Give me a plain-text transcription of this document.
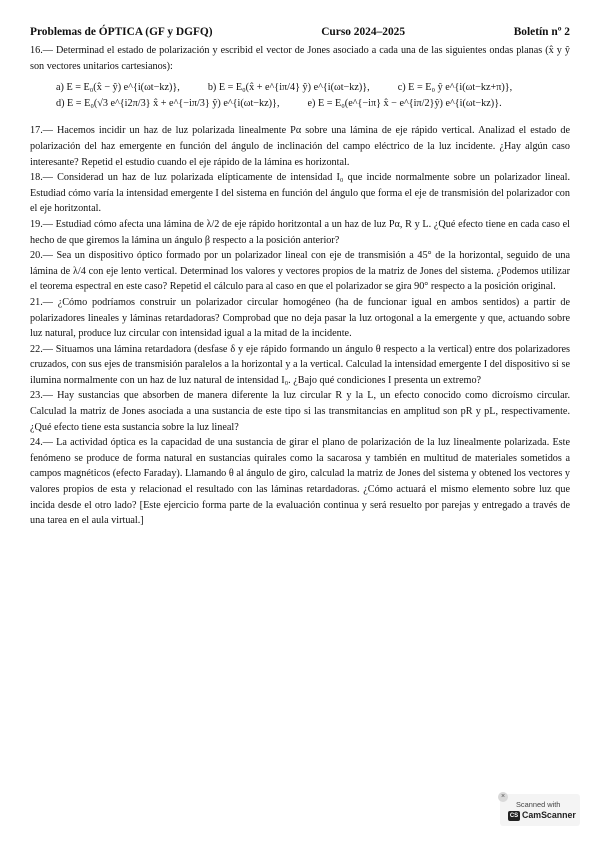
Problemas de ÓPTICA (GF y DGFQ)	Curso 2024–2025	Boletín nº 2

16.— Determinad el estado de polarización y escribid el vector de Jones asociado a cada una de las siguientes ondas planas (x̂ y ŷ son vectores unitarios cartesianos):

a) E = E₀(x̂ − ŷ) e^{i(ωt−kz)},	b) E = E₀(x̂ + e^{iπ/4} ŷ) e^{i(ωt−kz)},	c) E = E₀ ŷ e^{i(ωt−kz+π)},
d) E = E₀(√3 e^{i2π/3} x̂ + e^{−iπ/3} ŷ) e^{i(ωt−kz)},	e) E = E₀(e^{−iπ} x̂ − e^{iπ/2}ŷ) e^{i(ωt−kz)}.

17.— Hacemos incidir un haz de luz polarizada linealmente Pα sobre una lámina de eje rápido vertical. Analizad el estado de polarización del haz emergente en función del ángulo de inclinación del campo eléctrico de la luz incidente. ¿Hay algún caso interesante? Repetid el estudio cuando el eje rápido de la lámina es horizontal.

18.— Considerad un haz de luz polarizada elípticamente de intensidad I₀ que incide normalmente sobre un polarizador lineal. Estudiad cómo varía la intensidad emergente I del sistema en función del ángulo que forma el eje de transmisión del polarizador con el eje horitzontal.

19.— Estudiad cómo afecta una lámina de λ/2 de eje rápido horitzontal a un haz de luz Pα, R y L. ¿Qué efecto tiene en cada caso el hecho de que giremos la lámina un ángulo β respecto a la posición anterior?

20.— Sea un dispositivo óptico formado por un polarizador lineal con eje de transmisión a 45° de la horizontal, seguido de una lámina de λ/4 con eje lento vertical. Determinad los valores y vectores propios de la matriz de Jones del sistema. ¿Podemos utilizar el teorema espectral en este caso? Repetid el cálculo para al caso en que el polarizador se gira 90° respecto a la posición original.

21.— ¿Cómo podríamos construir un polarizador circular homogéneo (ha de funcionar igual en ambos sentidos) a partir de polarizadores lineales y láminas retardadoras? Comprobad que no deja pasar la luz ortogonal a la emergente y que, actuando sobre luz natural, produce luz circular con intensidad igual a la mitad de la incidente.

22.— Situamos una lámina retardadora (desfase δ y eje rápido formando un ángulo θ respecto a la vertical) entre dos polarizadores cruzados, con sus ejes de transmisión paralelos a la horizontal y a la vertical. Calculad la intensidad emergente I del dispositivo si se ilumina normalmente con un haz de luz natural de intensidad I₀. ¿Bajo qué condiciones I presenta un extremo?

23.— Hay sustancias que absorben de manera diferente la luz circular R y la L, un efecto conocido como dicroísmo circular. Calculad la matriz de Jones asociada a una sustancia de este tipo si las transmitancias en amplitud son pR y pL, respectivamente. ¿Qué efecto tiene esta sustancia sobre la luz lineal?

24.— La actividad óptica es la capacidad de una sustancia de girar el plano de polarización de la luz linealmente polarizada. Este fenómeno se produce de forma natural en sustancias quirales como la sacarosa y también en multitud de materiales sometidos a campos magnéticos (efecto Faraday). Llamando θ al ángulo de giro, calculad la matriz de Jones del sistema y obtened los vectores y valores propios de esta y relacionad el resultado con las láminas retardadoras. ¿Cómo actuará el mismo elemento sobre luz que incida desde el otro lado? [Este ejercicio forma parte de la evaluación continua y será resuelto por parejas y entregado a través de una tarea en el aula virtual.]

×
Scanned with
CS CamScanner
